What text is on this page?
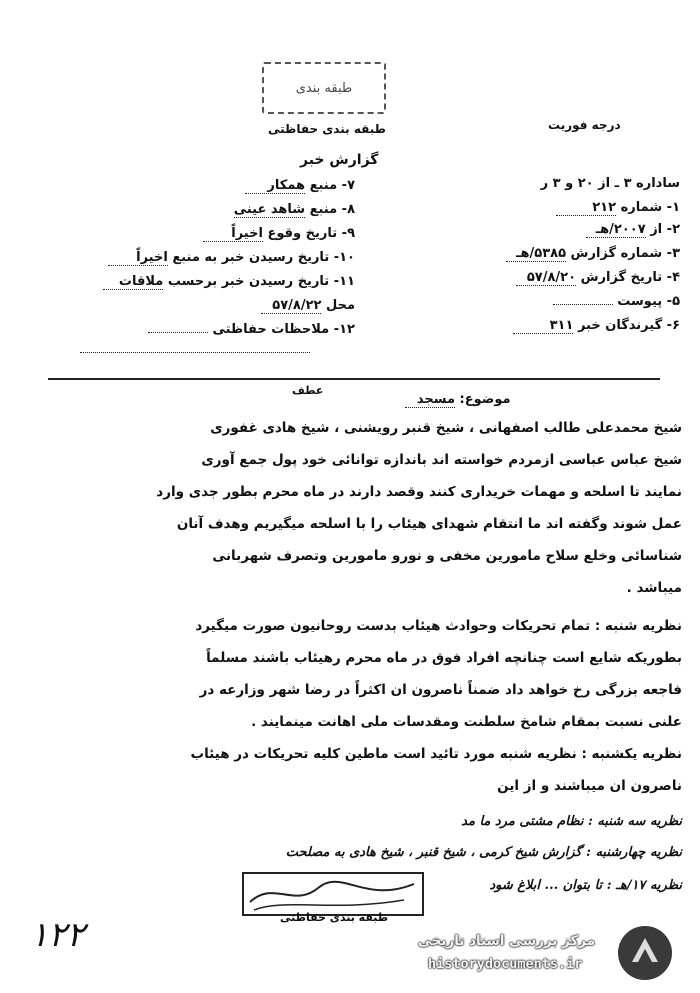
طبقه بندی
درجه فوریت
طبقه بندی حفاظتی
گزارش خبر
ساداره ۳ ـ از ۲۰ و ۳ ر
۱- شماره ۲۱۲
۲- از ۲۰۰۷/هـ
۳- شماره گزارش ۵۳۸۵/هـ
۴- تاریخ گزارش ۵۷/۸/۲۰
۵- پیوست
۶- گیرندگان خبر ۳۱۱
۷- منبع همکار
۸- منبع شاهد عینی
۹- تاریخ وقوع اخیراً
۱۰- تاریخ رسیدن خبر به منبع اخیراً
۱۱- تاریخ رسیدن خبر برحسب ملاقات
محل ۵۷/۸/۲۲
۱۲- ملاحظات حفاظتی
عطف
موضوع: مسجد
شیخ محمدعلی طالب اصفهانی ، شیخ قنبر رویشنی ، شیخ هادی غفوری
شیخ عباس عباسی ازمردم خواسته اند باندازه توانائی خود پول جمع آوری
نمایند تا اسلحه و مهمات خریداری کنند وقصد دارند در ماه محرم بطور جدی وارد
عمل شوند وگفته اند ما انتقام شهدای هیئاب را با اسلحه میگیریم وهدف آنان
شناسائی وخلع سلاح مامورین مخفی و نورو مامورین وتصرف شهربانی
میباشد .
نظریه شنبه : تمام تحریکات وحوادث هیئاب بدست روحانیون صورت میگیرد
بطوریکه شایع است چنانچه افراد فوق در ماه محرم رهیئاب باشند مسلماً
فاجعه بزرگی رخ خواهد داد ضمناً ناصرون ان اکثراً در رضا شهر وزارعه در
علنی نسبت بمقام شامخ سلطنت ومقدسات ملی اهانت مینمایند .
نظریه یکشنبه : نظریه شنبه مورد تائید است ماطین کلیه تحریکات در هیئاب
ناصرون ان میباشند و از این
نظریه سه شنبه : نظام مشتی مرد ما مد
نظریه چهارشنبه : گزارش شیخ کرمی ، شیخ قنبر ، شیخ هادی به مصلحت
نظریه ۱۷/هـ : تا بتوان ... ابلاغ شود
طبقه بندی حفاظتی
۱۲۲	مرکز بررسی اسناد تاریخی
historydocuments.ir
